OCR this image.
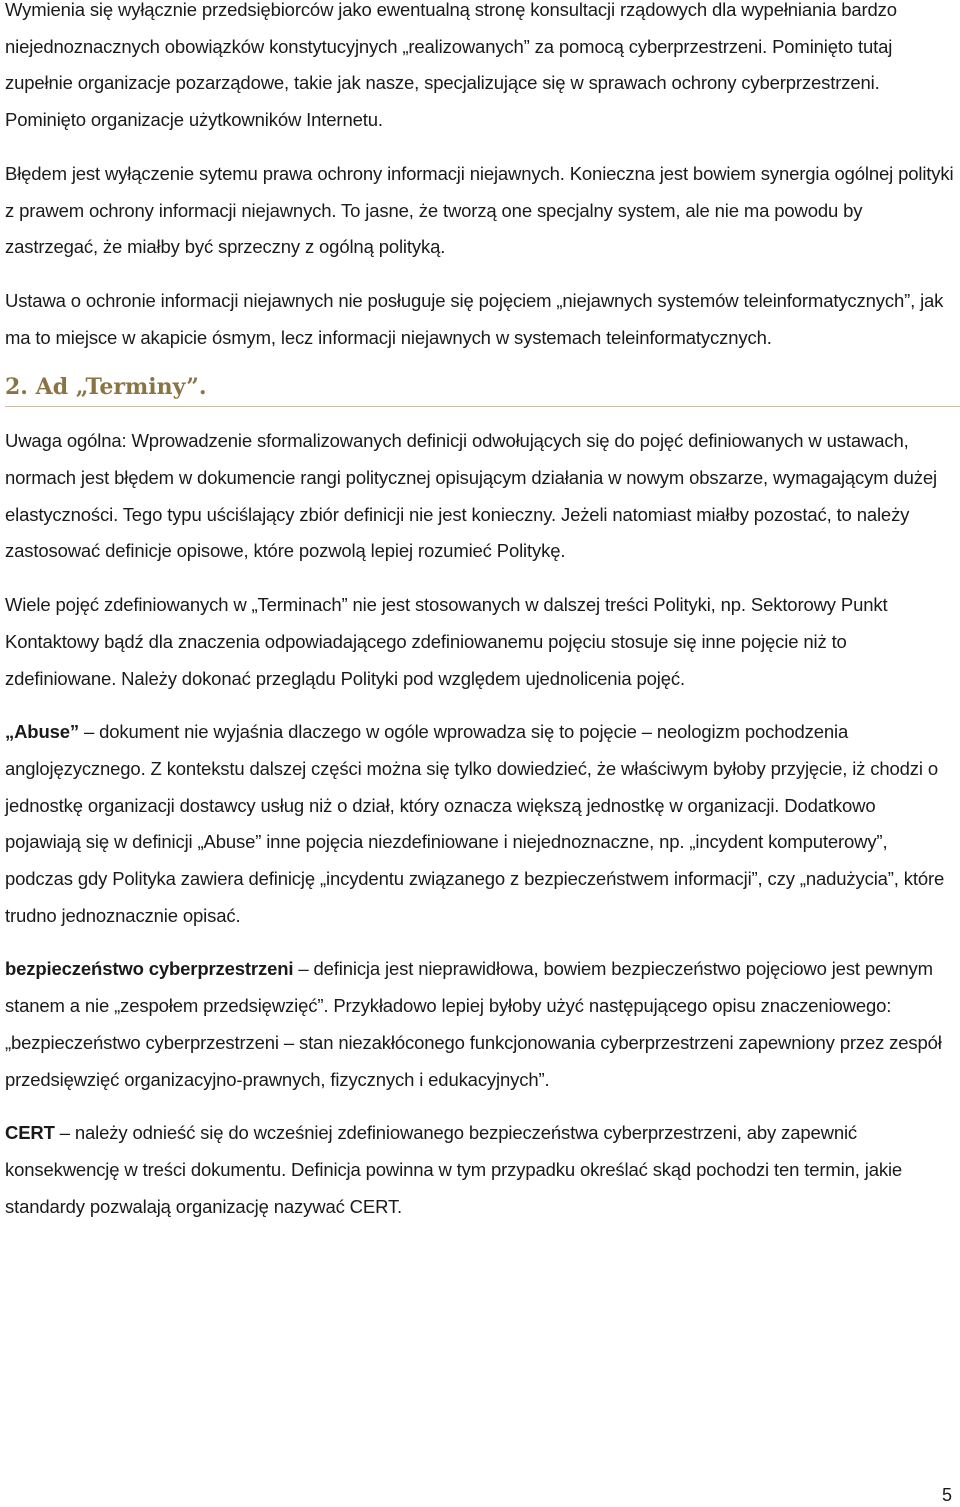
Wymienia się wyłącznie przedsiębiorców jako ewentualną stronę konsultacji rządowych dla wypełniania bardzo niejednoznacznych obowiązków konstytucyjnych „realizowanych” za pomocą cyberprzestrzeni. Pominięto tutaj zupełnie organizacje pozarządowe, takie jak nasze, specjalizujące się w sprawach ochrony cyberprzestrzeni. Pominięto organizacje użytkowników Internetu.

Błędem jest wyłączenie sytemu prawa ochrony informacji niejawnych. Konieczna jest bowiem synergia ogólnej polityki z prawem ochrony informacji niejawnych. To jasne, że tworzą one specjalny system, ale nie ma powodu by zastrzegać, że miałby być sprzeczny z ogólną polityką.

Ustawa o ochronie informacji niejawnych nie posługuje się pojęciem „niejawnych systemów teleinformatycznych”, jak ma to miejsce w akapicie ósmym, lecz informacji niejawnych w systemach teleinformatycznych.

2. Ad „Terminy”.

Uwaga ogólna: Wprowadzenie sformalizowanych definicji odwołujących się do pojęć definiowanych w ustawach, normach jest błędem w dokumencie rangi politycznej opisującym działania w nowym obszarze, wymagającym dużej elastyczności. Tego typu uściślający zbiór definicji nie jest konieczny. Jeżeli natomiast miałby pozostać, to należy zastosować definicje opisowe, które pozwolą lepiej rozumieć Politykę.

Wiele pojęć zdefiniowanych w „Terminach” nie jest stosowanych w dalszej treści Polityki, np. Sektorowy Punkt Kontaktowy bądź dla znaczenia odpowiadającego zdefiniowanemu pojęciu stosuje się inne pojęcie niż to zdefiniowane. Należy dokonać przeglądu Polityki pod względem ujednolicenia pojęć.

„Abuse” – dokument nie wyjaśnia dlaczego w ogóle wprowadza się to pojęcie – neologizm pochodzenia anglojęzycznego. Z kontekstu dalszej części można się tylko dowiedzieć, że właściwym byłoby przyjęcie, iż chodzi o jednostkę organizacji dostawcy usług niż o dział, który oznacza większą jednostkę w organizacji. Dodatkowo pojawiają się w definicji „Abuse” inne pojęcia niezdefiniowane i niejednoznaczne, np. „incydent komputerowy”, podczas gdy Polityka zawiera definicję „incydentu związanego z bezpieczeństwem informacji”, czy „nadużycia”, które trudno jednoznacznie opisać.

bezpieczeństwo cyberprzestrzeni – definicja jest nieprawidłowa, bowiem bezpieczeństwo pojęciowo jest pewnym stanem a nie „zespołem przedsięwzięć”. Przykładowo lepiej byłoby użyć następującego opisu znaczeniowego: „bezpieczeństwo cyberprzestrzeni – stan niezakłóconego funkcjonowania cyberprzestrzeni zapewniony przez zespół przedsięwzięć organizacyjno-prawnych, fizycznych i edukacyjnych”.

CERT – należy odnieść się do wcześniej zdefiniowanego bezpieczeństwa cyberprzestrzeni, aby zapewnić konsekwencję w treści dokumentu. Definicja powinna w tym przypadku określać skąd pochodzi ten termin, jakie standardy pozwalają organizację nazywać CERT.

5
